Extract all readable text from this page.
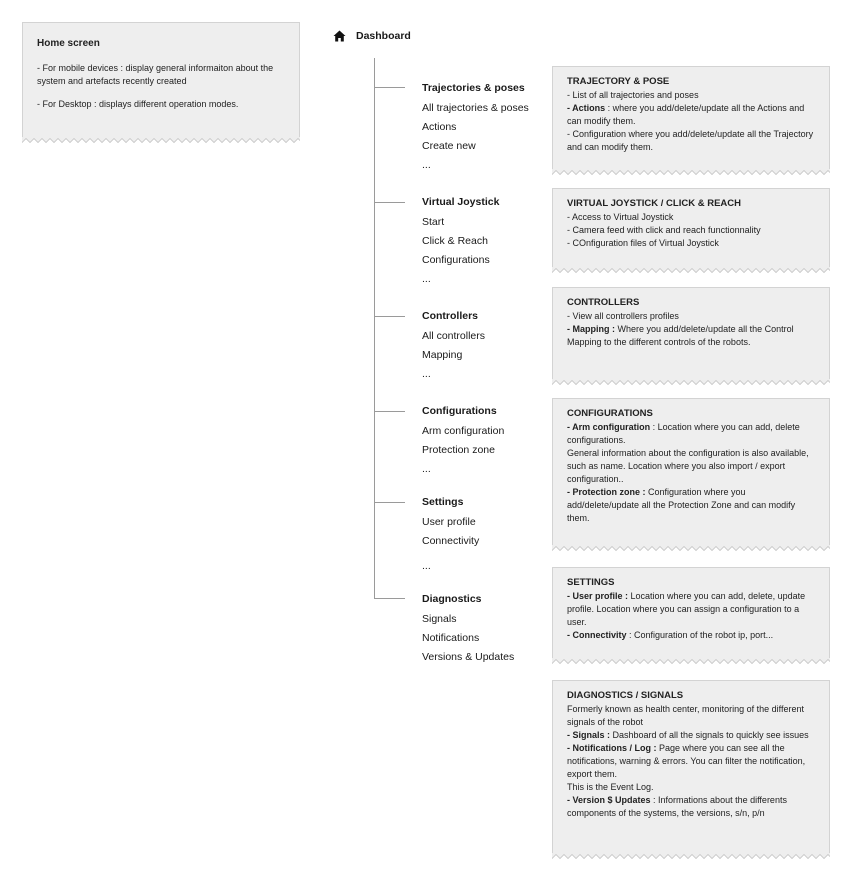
Home screen

- For mobile devices : display general informaiton about the system and artefacts recently created

- For Desktop : displays different operation modes.

Dashboard
Trajectories & poses
All trajectories & poses
Actions
Create new
...
Virtual Joystick
Start
Click & Reach
Configurations
...
Controllers
All controllers
Mapping
...
Configurations
Arm configuration
Protection zone
...
Settings
User profile
Connectivity
...
Diagnostics
Signals
Notifications
Versions & Updates
TRAJECTORY & POSE

- List of all trajectories and poses

- Actions : where you add/delete/update all the Actions and can modify them.

- Configuration where you add/delete/update all the Trajectory and can modify them.

VIRTUAL JOYSTICK / CLICK & REACH

- Access to Virtual Joystick

- Camera feed with click and reach functionnality

- COnfiguration files of Virtual Joystick

CONTROLLERS

- View all controllers profiles

- Mapping : Where you add/delete/update all the Control Mapping to the different controls of the robots.

CONFIGURATIONS

- Arm configuration : Location where you can add, delete configurations.

General information about the configuration is also available, such as name. Location where you also import / export configuration..

- Protection zone : Configuration where you add/delete/update all the Protection Zone and can modify them.

SETTINGS

- User profile : Location where you can add, delete, update profile. Location where you can assign a configuration to a user.

- Connectivity : Configuration of the robot ip, port...

DIAGNOSTICS / SIGNALS

Formerly known as health center, monitoring of the different signals of the robot

- Signals : Dashboard of all the signals to quickly see issues

- Notifications / Log : Page where you can see all the notifications, warning & errors. You can filter the notification, export them.

This is the Event Log.

- Version $ Updates : Informations about the differents components of the systems, the versions, s/n, p/n
